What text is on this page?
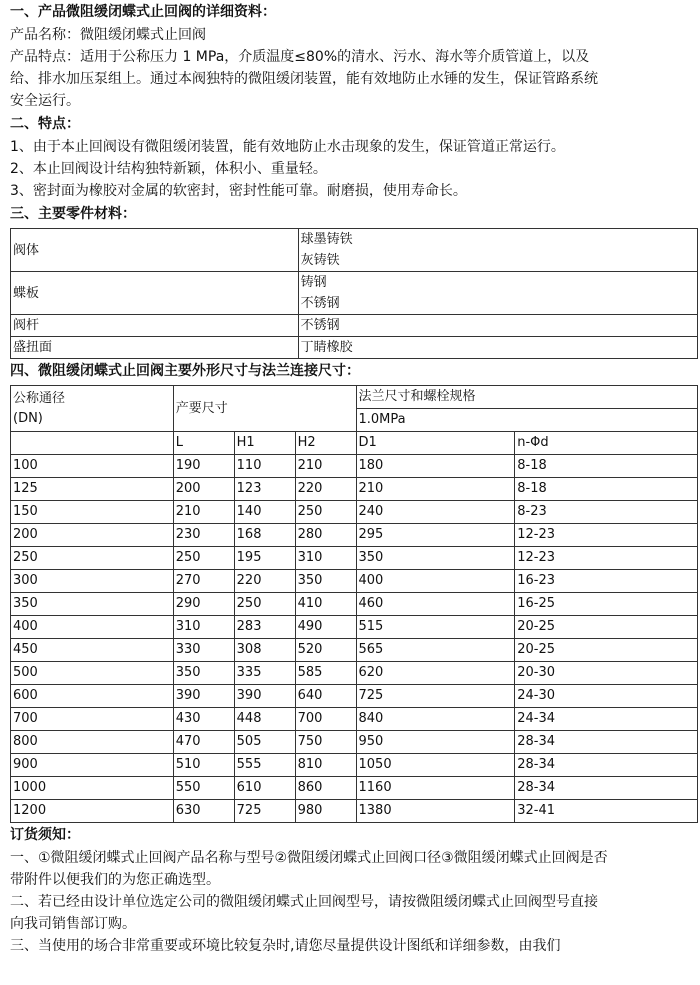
一、产品微阻缓闭蝶式止回阀的详细资料：
产品名称：微阻缓闭蝶式止回阀
产品特点：适用于公称压力 1 MPa，介质温度≤80%的清水、污水、海水等介质管道上，以及给、排水加压泵组上。通过本阀独特的微阻缓闭装置，能有效地防止水锤的发生，保证管路系统安全运行。
二、特点：
1、由于本止回阀设有微阻缓闭装置，能有效地防止水击现象的发生，保证管道正常运行。
2、本止回阀设计结构独特新颖，体积小、重量轻。
3、密封面为橡胶对金属的软密封，密封性能可靠。耐磨损，使用寿命长。
三、主要零件材料：
阀体	球墨铸铁
灰铸铁

蝶板	铸钢
不锈钢

阀杆	不锈钢
盛扭面	丁睛橡胶
四、微阻缓闭蝶式止回阀主要外形尺寸与法兰连接尺寸：
公称通径
(DN)	产要尺寸			法兰尺寸和螺栓规格	
				1.0MPa	
	L	H1	H2	D1	n-Φd
100	190	110	210	180	8-18
125	200	123	220	210	8-18
150	210	140	250	240	8-23
200	230	168	280	295	12-23
250	250	195	310	350	12-23
300	270	220	350	400	16-23
350	290	250	410	460	16-25
400	310	283	490	515	20-25
450	330	308	520	565	20-25
500	350	335	585	620	20-30
600	390	390	640	725	24-30
700	430	448	700	840	24-34
800	470	505	750	950	28-34
900	510	555	810	1050	28-34
1000	550	610	860	1160	28-34
1200	630	725	980	1380	32-41
订货须知：
一、①微阻缓闭蝶式止回阀产品名称与型号②微阻缓闭蝶式止回阀口径③微阻缓闭蝶式止回阀是否带附件以便我们的为您正确选型。
二、若已经由设计单位选定公司的微阻缓闭蝶式止回阀型号，请按微阻缓闭蝶式止回阀型号直接向我司销售部订购。
三、当使用的场合非常重要或环境比较复杂时,请您尽量提供设计图纸和详细参数，由我们
